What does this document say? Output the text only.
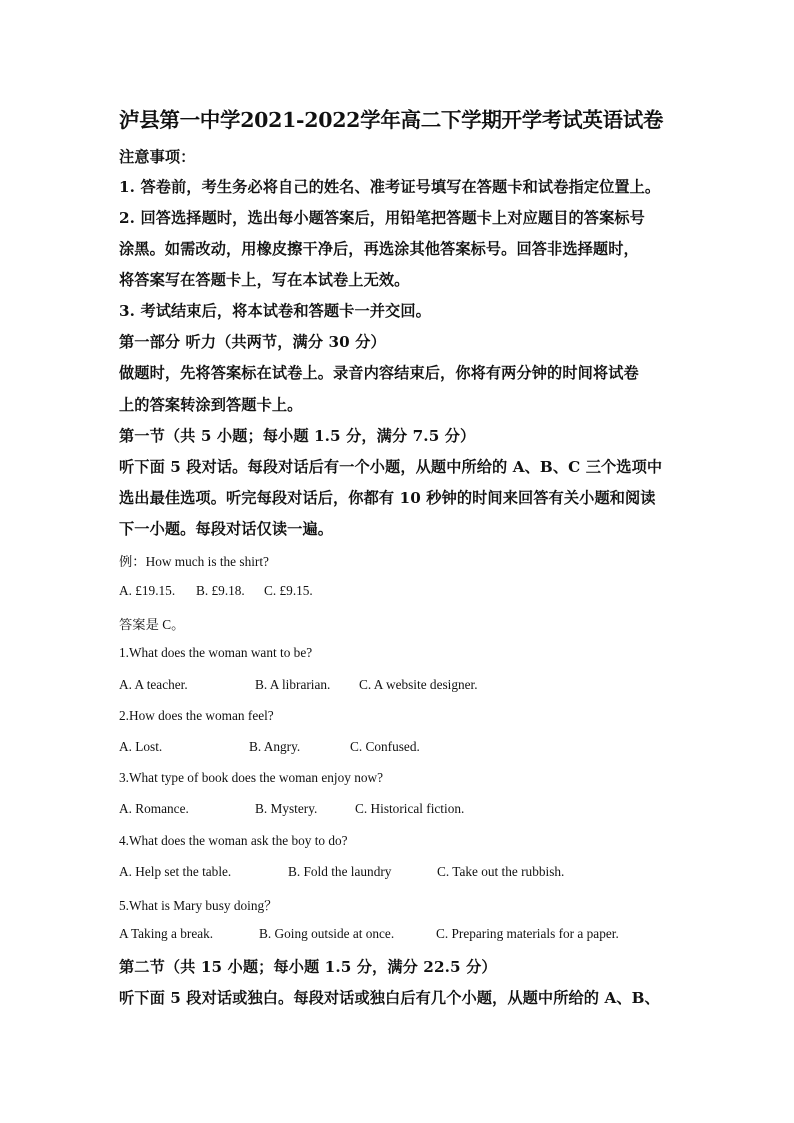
泸县第一中学2021-2022学年高二下学期开学考试英语试卷
注意事项：
1. 答卷前，考生务必将自己的姓名、准考证号填写在答题卡和试卷指定位置上。
2. 回答选择题时，选出每小题答案后，用铅笔把答题卡上对应题目的答案标号
涂黑。如需改动，用橡皮擦干净后，再选涂其他答案标号。回答非选择题时，
将答案写在答题卡上，写在本试卷上无效。
3. 考试结束后，将本试卷和答题卡一并交回。
第一部分 听力（共两节，满分 30 分）
做题时，先将答案标在试卷上。录音内容结束后，你将有两分钟的时间将试卷
上的答案转涂到答题卡上。
第一节（共 5 小题；每小题 1.5 分，满分 7.5 分）
听下面 5 段对话。每段对话后有一个小题，从题中所给的 A、B、C 三个选项中
选出最佳选项。听完每段对话后，你都有 10 秒钟的时间来回答有关小题和阅读
下一小题。每段对话仅读一遍。
例：How much is the shirt?
A. £19.15. B. £9.18. C. £9.15.
答案是 C。
1.What does the woman want to be?
A. A teacher.	B. A librarian. C. A website designer.
2.How does the woman feel?
A. Lost.	B. Angry.	C. Confused.
3.What type of book does the woman enjoy now?
A. Romance.	B. Mystery.	C. Historical fiction.
4.What does the woman ask the boy to do?
A. Help set the table.	B. Fold the laundry	C. Take out the rubbish.
5.What is Mary busy doing？
A Taking a break.	B. Going outside at once.	C. Preparing materials for a paper.
第二节（共 15 小题；每小题 1.5 分，满分 22.5 分）
听下面 5 段对话或独白。每段对话或独白后有几个小题，从题中所给的 A、B、
